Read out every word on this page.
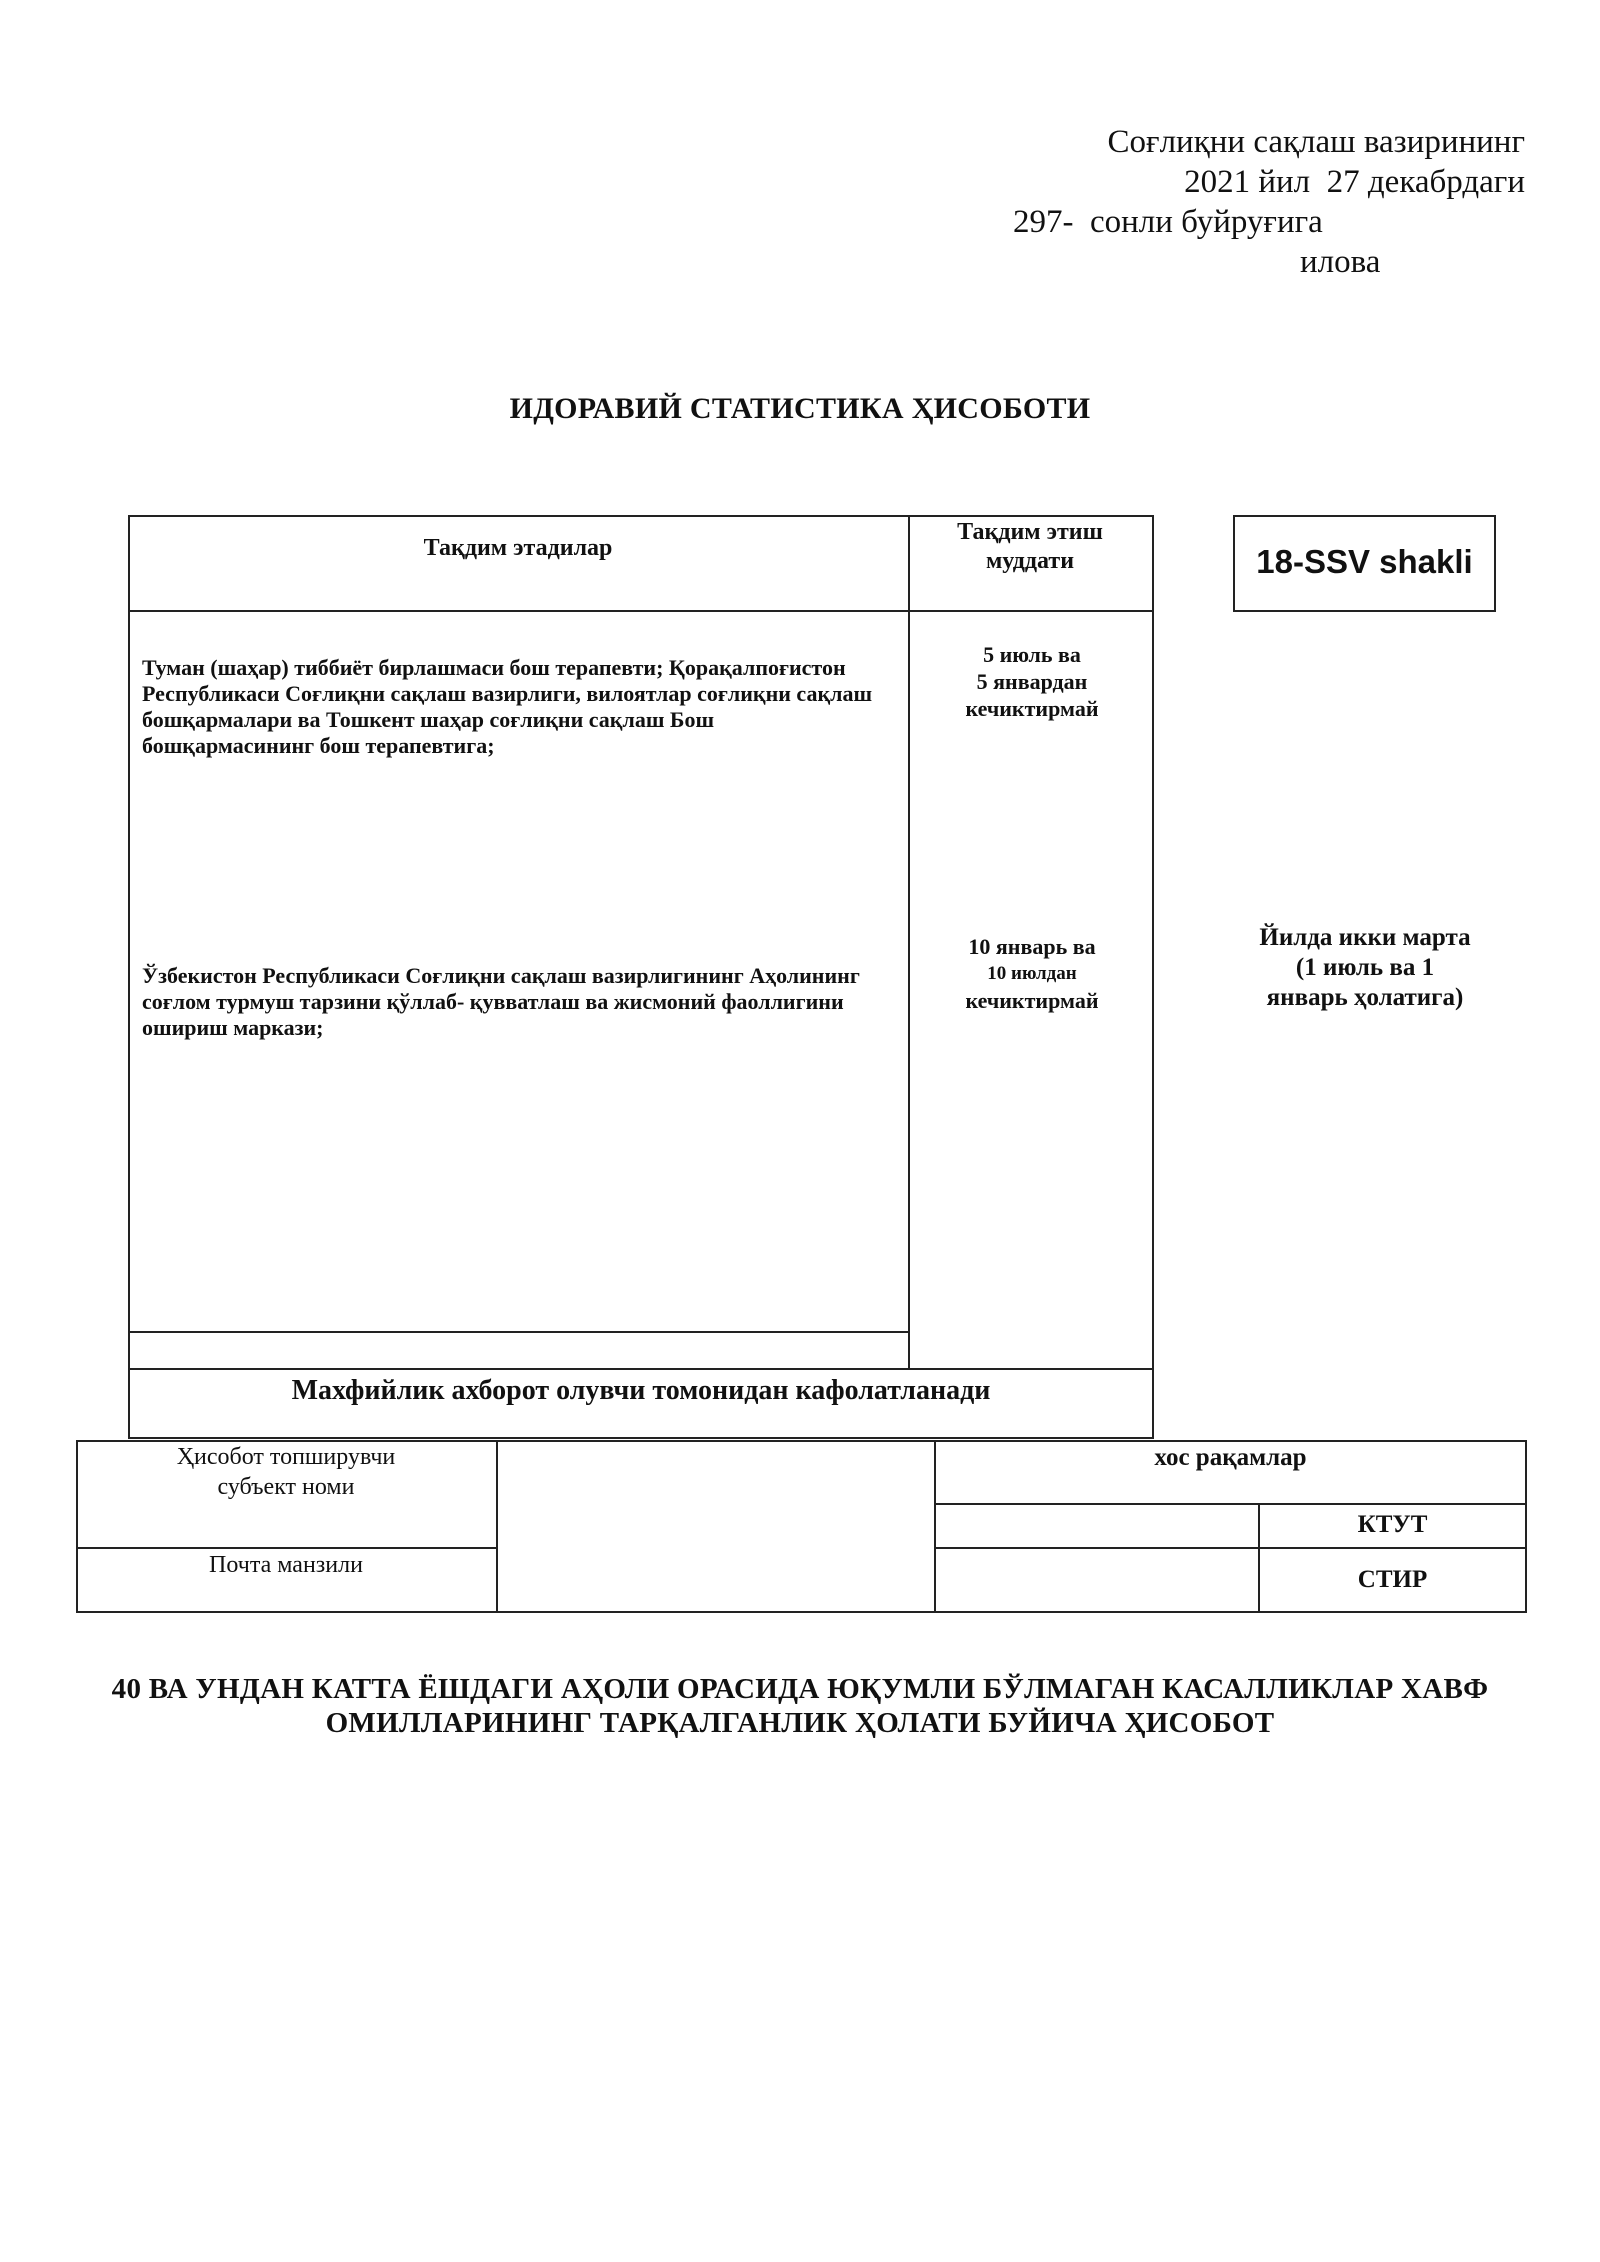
Соғлиқни сақлаш вазирининг
2021 йил  27 декабрдаги
297-  сонли буйруғига
илова
ИДОРАВИЙ СТАТИСТИКА ҲИСОБОТИ
Тақдим этадилар
Тақдим этиш муддати
Туман (шаҳар) тиббиёт бирлашмаси бош терапевти; Қорақалпоғистон Республикаси Соғлиқни сақлаш вазирлиги, вилоятлар соғлиқни сақлаш бошқармалари ва Тошкент шаҳар соғлиқни сақлаш Бош бошқармасининг бош терапевтига;
5 июль ва
5 январдан
кечиктирмай
Ўзбекистон Республикаси Соғлиқни сақлаш вазирлигининг Аҳолининг соғлом турмуш тарзини қўллаб- қувватлаш ва жисмоний фаоллигини ошириш маркази;
10 январь ва
10 июлдан
кечиктирмай
Махфийлик ахборот олувчи томонидан кафолатланади
18-SSV shakli
Йилда икки марта
(1 июль ва 1
январь ҳолатига)
Ҳисобот топширувчи
субъект номи
Почта манзили
хос рақамлар
КТУТ
СТИР
40 ВА УНДАН КАТТА ЁШДАГИ АҲОЛИ ОРАСИДА ЮҚУМЛИ БЎЛМАГАН КАСАЛЛИКЛАР ХАВФ
ОМИЛЛАРИНИНГ ТАРҚАЛГАНЛИК ҲОЛАТИ БУЙИЧА ҲИСОБОТ
